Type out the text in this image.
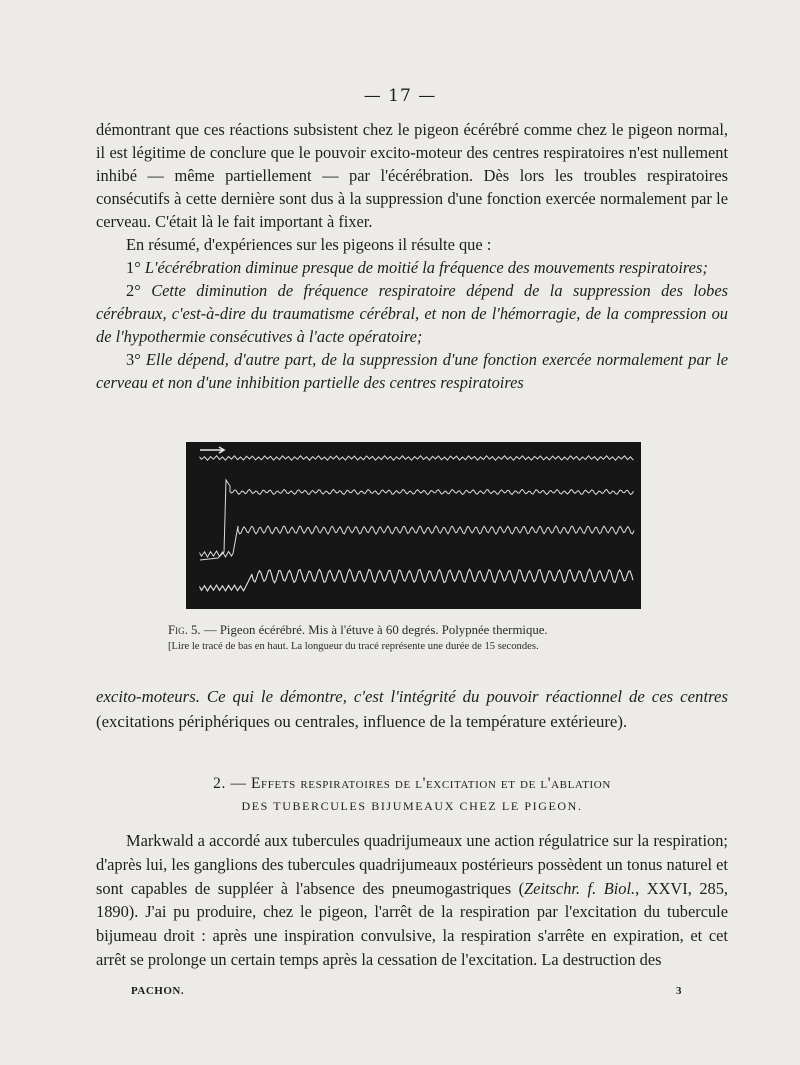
— 17 —

démontrant que ces réactions subsistent chez le pigeon écérébré comme chez le pigeon normal, il est légitime de conclure que le pouvoir excito-moteur des centres respiratoires n'est nullement inhibé — même partiellement — par l'écérébration. Dès lors les troubles respiratoires consécutifs à cette dernière sont dus à la suppression d'une fonction exercée normalement par le cerveau. C'était là le fait important à fixer.

En résumé, d'expériences sur les pigeons il résulte que :

1° L'écérébration diminue presque de moitié la fréquence des mouvements respiratoires;

2° Cette diminution de fréquence respiratoire dépend de la suppression des lobes cérébraux, c'est-à-dire du traumatisme cérébral, et non de l'hémorragie, de la compression ou de l'hypothermie consécutives à l'acte opératoire;

3° Elle dépend, d'autre part, de la suppression d'une fonction exercée normalement par le cerveau et non d'une inhibition partielle des centres respiratoires

Fig. 5. — Pigeon écérébré. Mis à l'étuve à 60 degrés. Polypnée thermique.
[Lire le tracé de bas en haut. La longueur du tracé représente une durée de 15 secondes.

excito-moteurs. Ce qui le démontre, c'est l'intégrité du pouvoir réactionnel de ces centres (excitations périphériques ou centrales, influence de la température extérieure).

2. — Effets respiratoires de l'excitation et de l'ablation
DES TUBERCULES BIJUMEAUX CHEZ LE PIGEON.

Markwald a accordé aux tubercules quadrijumeaux une action régulatrice sur la respiration; d'après lui, les ganglions des tubercules quadrijumeaux postérieurs possèdent un tonus naturel et sont capables de suppléer à l'absence des pneumogastriques (Zeitschr. f. Biol., XXVI, 285, 1890). J'ai pu produire, chez le pigeon, l'arrêt de la respiration par l'excitation du tubercule bijumeau droit : après une inspiration convulsive, la respiration s'arrête en expiration, et cet arrêt se prolonge un certain temps après la cessation de l'excitation. La destruction des

PACHON.	3
